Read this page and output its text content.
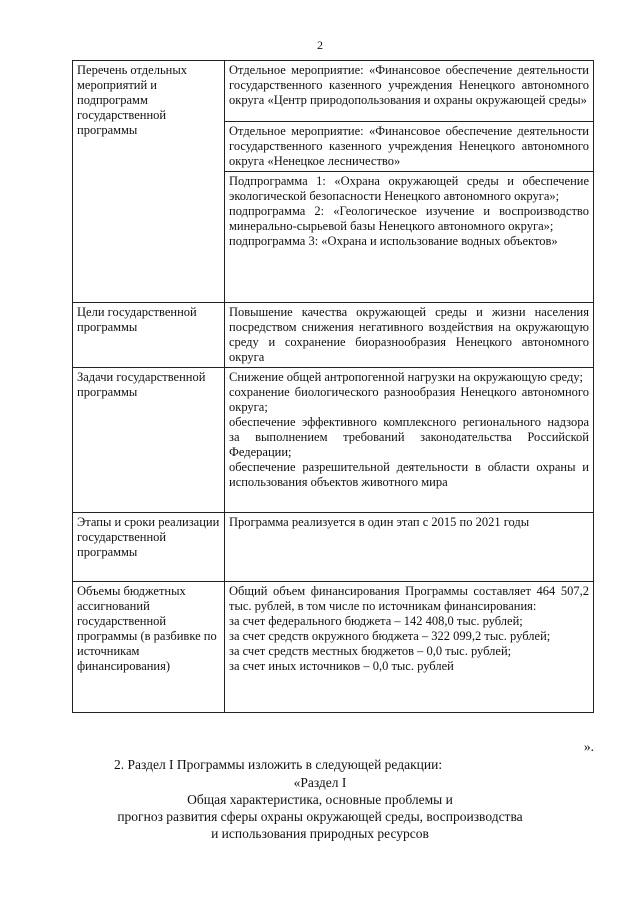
2
Перечень отдельных мероприятий и подпрограмм государственной программы	Отдельное мероприятие: «Финансовое обеспечение деятельности государственного казенного учреждения Ненецкого автономного округа «Центр природопользования и охраны окружающей среды»

	Отдельное мероприятие: «Финансовое обеспечение деятельности государственного казенного учреждения Ненецкого автономного округа «Ненецкое лесничество»

	Подпрограмма 1: «Охрана окружающей среды и обеспечение экологической безопасности Ненецкого автономного округа»;

подпрограмма 2: «Геологическое изучение и воспроизводство минерально-сырьевой базы Ненецкого автономного округа»;

подпрограмма 3: «Охрана и использование водных объектов»

Цели государственной программы	Повышение качества окружающей среды и жизни населения посредством снижения негативного воздействия на окружающую среду и сохранение биоразнообразия Ненецкого автономного округа

Задачи государственной программы	Снижение общей антропогенной нагрузки на окружающую среду;

сохранение биологического разнообразия Ненецкого автономного округа;

обеспечение эффективного комплексного регионального надзора за выполнением требований законодательства Российской Федерации;

обеспечение разрешительной деятельности в области охраны и использования объектов животного мира

Этапы и сроки реализации государственной программы	Программа реализуется в один этап с 2015 по 2021 годы

Объемы бюджетных ассигнований государственной программы (в разбивке по источникам финансирования)	Общий объем финансирования Программы составляет 464 507,2 тыс. рублей, в том числе по источникам финансирования:

за счет федерального бюджета – 142 408,0 тыс. рублей;

за счет средств окружного бюджета – 322 099,2 тыс. рублей;

за счет средств местных бюджетов – 0,0 тыс. рублей;

за счет иных источников – 0,0 тыс. рублей

».
2. Раздел I Программы изложить в следующей редакции:
«Раздел I
Общая характеристика, основные проблемы и
прогноз развития сферы охраны окружающей среды, воспроизводства
и использования природных ресурсов
